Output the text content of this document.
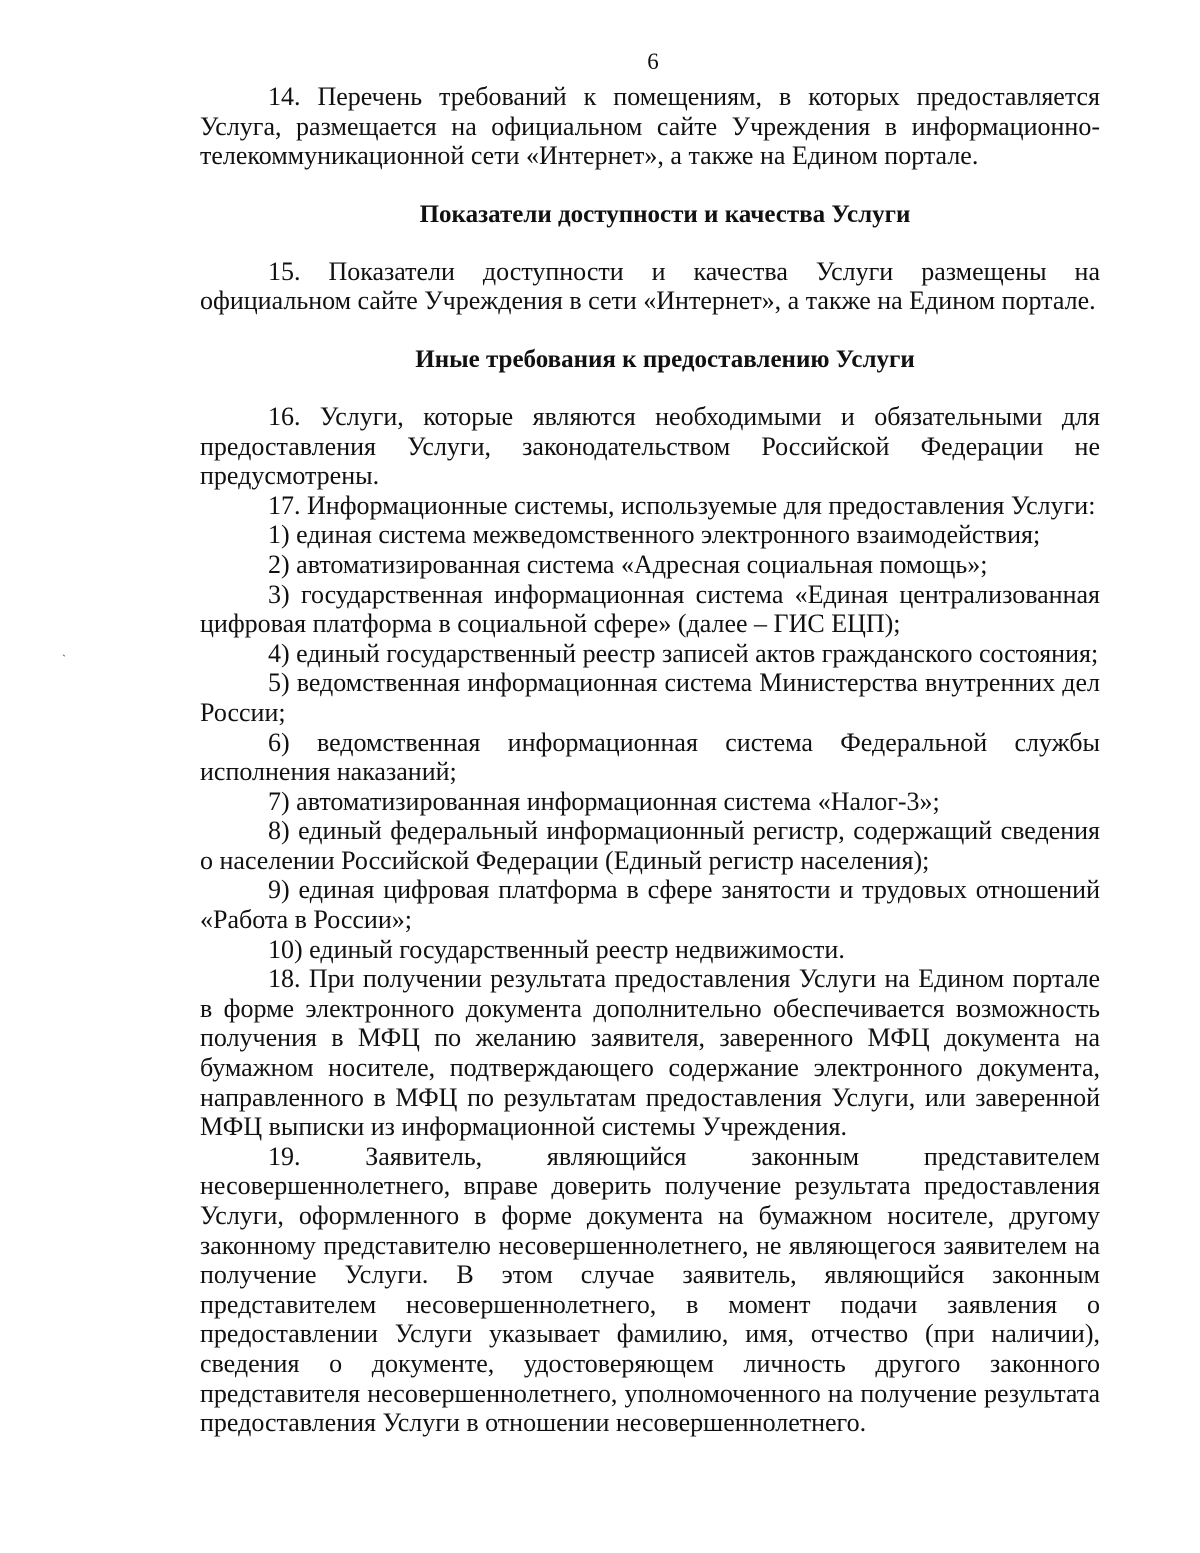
6
`

14. Перечень требований к помещениям, в которых предоставляется Услуга, размещается на официальном сайте Учреждения в информационно-телекоммуникационной сети «Интернет», а также на Едином портале.

Показатели доступности и качества Услуги

15. Показатели доступности и качества Услуги размещены на официальном сайте Учреждения в сети «Интернет», а также на Едином портале.

Иные требования к предоставлению Услуги

16. Услуги, которые являются необходимыми и обязательными для предоставления Услуги, законодательством Российской Федерации не предусмотрены.

17. Информационные системы, используемые для предоставления Услуги:

1) единая система межведомственного электронного взаимодействия;

2) автоматизированная система «Адресная социальная помощь»;

3) государственная информационная система «Единая централизованная цифровая платформа в социальной сфере» (далее – ГИС ЕЦП);

4) единый государственный реестр записей актов гражданского состояния;

5) ведомственная информационная система Министерства внутренних дел России;

6) ведомственная информационная система Федеральной службы исполнения наказаний;

7) автоматизированная информационная система «Налог-3»;

8) единый федеральный информационный регистр, содержащий сведения о населении Российской Федерации (Единый регистр населения);

9) единая цифровая платформа в сфере занятости и трудовых отношений «Работа в России»;

10) единый государственный реестр недвижимости.

18. При получении результата предоставления Услуги на Едином портале в форме электронного документа дополнительно обеспечивается возможность получения в МФЦ по желанию заявителя, заверенного МФЦ документа на бумажном носителе, подтверждающего содержание электронного документа, направленного в МФЦ по результатам предоставления Услуги, или заверенной МФЦ выписки из информационной системы Учреждения.

19. Заявитель, являющийся законным представителем несовершеннолетнего, вправе доверить получение результата предоставления Услуги, оформленного в форме документа на бумажном носителе, другому законному представителю несовершеннолетнего, не являющегося заявителем на получение Услуги. В этом случае заявитель, являющийся законным представителем несовершеннолетнего, в момент подачи заявления о предоставлении Услуги указывает фамилию, имя, отчество (при наличии), сведения о документе, удостоверяющем личность другого законного представителя несовершеннолетнего, уполномоченного на получение результата предоставления Услуги в отношении несовершеннолетнего.
